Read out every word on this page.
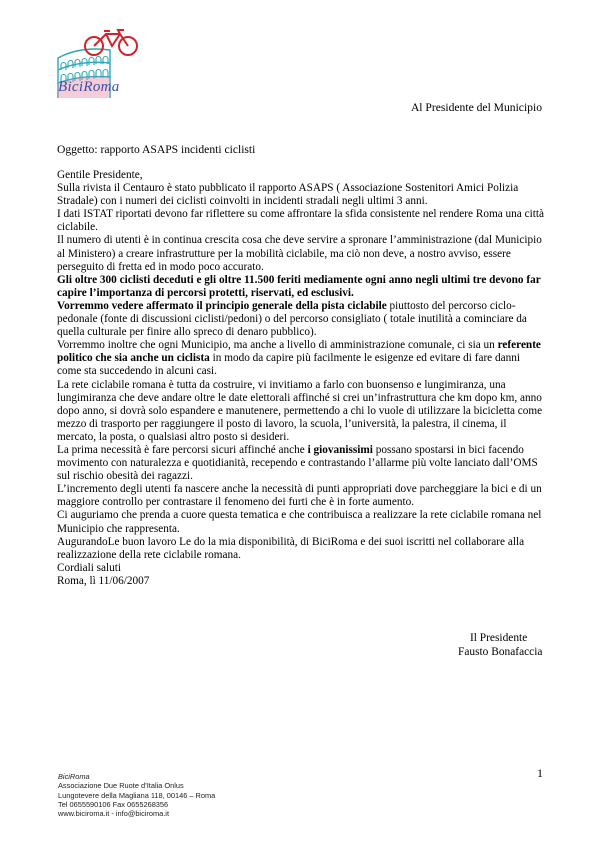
BiciRoma
Al Presidente del Municipio
Oggetto: rapporto ASAPS incidenti ciclisti

Gentile Presidente,

Sulla rivista il Centauro è stato pubblicato il rapporto ASAPS ( Associazione Sostenitori Amici Polizia Stradale) con i numeri dei ciclisti coinvolti in incidenti stradali negli ultimi 3 anni.

I dati ISTAT riportati devono far riflettere su come affrontare la sfida consistente nel rendere Roma una città ciclabile.

Il numero di utenti è in continua crescita cosa che deve servire a spronare l’amministrazione (dal Municipio al Ministero) a creare infrastrutture per la mobilità ciclabile, ma ciò non deve, a nostro avviso, essere perseguito di fretta ed in modo poco accurato.

Gli oltre 300 ciclisti deceduti e gli oltre 11.500 feriti mediamente ogni anno negli ultimi tre devono far capire l’importanza di percorsi protetti, riservati, ed esclusivi.

Vorremmo vedere affermato il principio generale della pista ciclabile piuttosto del percorso ciclo-pedonale (fonte di discussioni ciclisti/pedoni) o del percorso consigliato ( totale inutilità a cominciare da quella culturale per finire allo spreco di denaro pubblico).

Vorremmo inoltre che ogni Municipio, ma anche a livello di amministrazione comunale, ci sia un referente politico che sia anche un ciclista in modo da capire più facilmente le esigenze ed evitare di fare danni come sta succedendo in alcuni casi.

La rete ciclabile romana è tutta da costruire, vi invitiamo a farlo con buonsenso e lungimiranza, una lungimiranza che deve andare oltre le date elettorali affinché si crei un’infrastruttura che km dopo km, anno dopo anno, si dovrà solo espandere e manutenere, permettendo a chi lo vuole di utilizzare la bicicletta come mezzo di trasporto per raggiungere il posto di lavoro, la scuola, l’università, la palestra, il cinema, il mercato, la posta, o qualsiasi altro posto si desideri.

La prima necessità è fare percorsi sicuri affinché anche i giovanissimi possano spostarsi in bici facendo movimento con naturalezza e quotidianità, recependo e contrastando l’allarme più volte lanciato dall’OMS sul rischio obesità dei ragazzi.

L’incremento degli utenti fa nascere anche la necessità di punti appropriati dove parcheggiare la bici e di un maggiore controllo per contrastare il fenomeno dei furti che è in forte aumento.

Ci auguriamo che prenda a cuore questa tematica e che contribuisca a realizzare la rete ciclabile romana nel Municipio che rappresenta.

AugurandoLe buon lavoro Le do la mia disponibilità, di BiciRoma e dei suoi iscritti nel collaborare alla realizzazione della rete ciclabile romana.

Cordiali saluti

Roma, lì 11/06/2007

Il Presidente
Fausto Bonafaccia
BiciRoma
Associazione Due Ruote d’Italia Onlus
Lungotevere della Magliana 118, 00146 – Roma
Tel 0655590106 Fax 0655268356
www.biciroma.it - info@biciroma.it
1
